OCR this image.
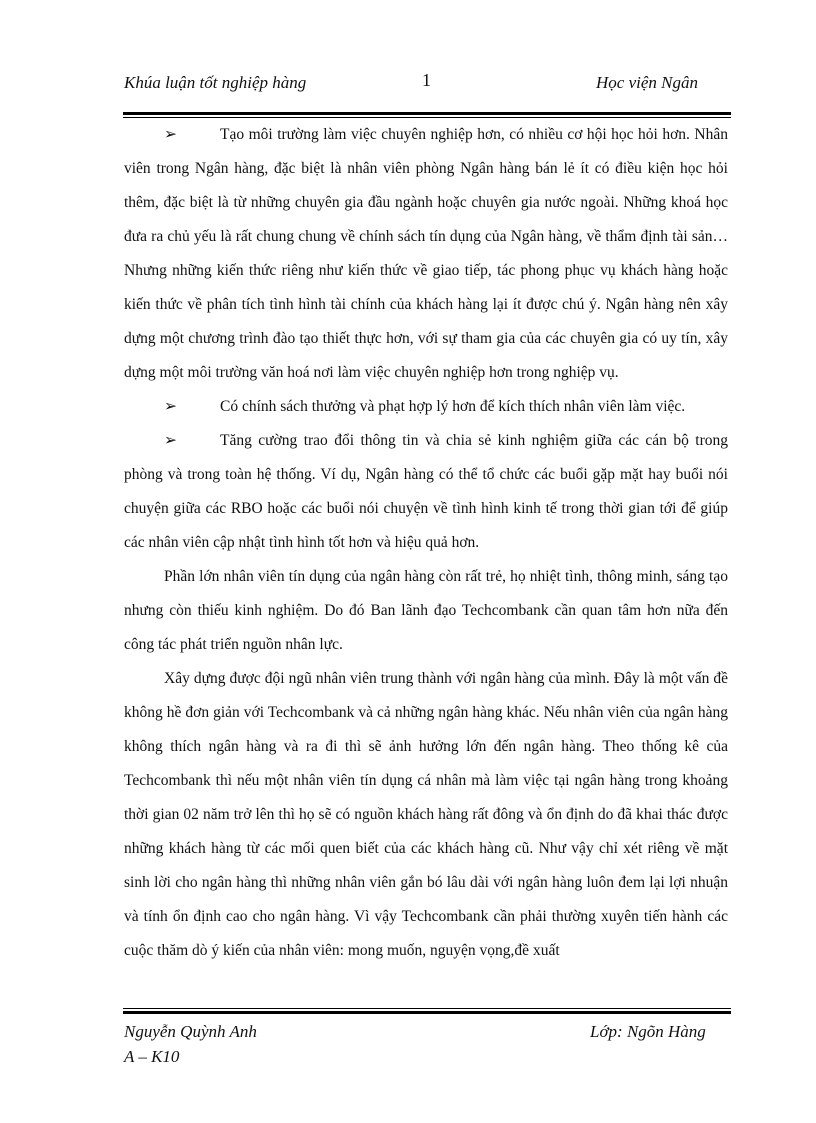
Khúa luận tốt nghiệp hàng	1	Học viện Ngân

➢	Tạo môi trường làm việc chuyên nghiệp hơn, có nhiều cơ hội học hỏi hơn. Nhân viên trong Ngân hàng, đặc biệt là nhân viên phòng Ngân hàng bán lẻ ít có điều kiện học hỏi thêm, đặc biệt là từ những chuyên gia đầu ngành hoặc chuyên gia nước ngoài. Những khoá học đưa ra chủ yếu là rất chung chung về chính sách tín dụng của Ngân hàng, về thẩm định tài sản… Nhưng những kiến thức riêng như kiến thức về giao tiếp, tác phong phục vụ khách hàng hoặc kiến thức về phân tích tình hình tài chính của khách hàng lại ít được chú ý. Ngân hàng nên xây dựng một chương trình đào tạo thiết thực hơn, với sự tham gia của các chuyên gia có uy tín, xây dựng một môi trường văn hoá nơi làm việc chuyên nghiệp hơn trong nghiệp vụ.

➢	Có chính sách thưởng và phạt hợp lý hơn để kích thích nhân viên làm việc.

➢	Tăng cường trao đổi thông tin và chia sẻ kinh nghiệm giữa các cán bộ trong phòng và trong toàn hệ thống. Ví dụ, Ngân hàng có thể tổ chức các buổi gặp mặt hay buổi nói chuyện giữa các RBO hoặc các buổi nói chuyện về tình hình kinh tế trong thời gian tới để giúp các nhân viên cập nhật tình hình tốt hơn và hiệu quả hơn.

Phần lớn nhân viên tín dụng của ngân hàng còn rất trẻ, họ nhiệt tình, thông minh, sáng tạo nhưng còn thiếu kinh nghiệm. Do đó Ban lãnh đạo Techcombank cần quan tâm hơn nữa đến công tác phát triển nguồn nhân lực.

Xây dựng được đội ngũ nhân viên trung thành với ngân hàng của mình. Đây là một vấn đề không hề đơn giản với Techcombank và cả những ngân hàng khác. Nếu nhân viên của ngân hàng không thích ngân hàng và ra đi thì sẽ ảnh hưởng lớn đến ngân hàng. Theo thống kê của Techcombank thì nếu một nhân viên tín dụng cá nhân mà làm việc tại ngân hàng trong khoảng thời gian 02 năm trở lên thì họ sẽ có nguồn khách hàng rất đông và ổn định do đã khai thác được những khách hàng từ các mối quen biết của các khách hàng cũ. Như vậy chỉ xét riêng về mặt sinh lời cho ngân hàng thì những nhân viên gắn bó lâu dài với ngân hàng luôn đem lại lợi nhuận và tính ổn định cao cho ngân hàng. Vì vậy Techcombank cần phải thường xuyên tiến hành các cuộc thăm dò ý kiến của nhân viên: mong muốn, nguyện vọng,đề xuất

Nguyễn Quỳnh Anh
A – K10
Lớp: Ngõn Hàng
